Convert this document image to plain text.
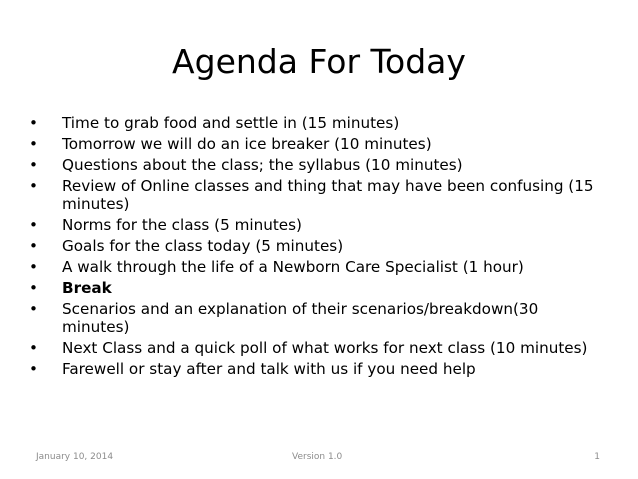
Agenda For Today
•	Time to grab food and settle in (15 minutes)
•	Tomorrow we will do an ice breaker (10 minutes)
•	Questions about the class; the syllabus (10 minutes)
•	Review of Online classes and thing that may have been confusing (15 minutes)
•	Norms for the class (5 minutes)
•	Goals for the class today (5 minutes)
•	A walk through the life of a Newborn Care Specialist (1 hour)
•	Break
•	Scenarios and an explanation of their scenarios/breakdown(30 minutes)
•	Next Class and a quick poll of what works for next class (10 minutes)
•	Farewell or stay after and talk with us if you need help
January 10, 2014	Version 1.0	1
